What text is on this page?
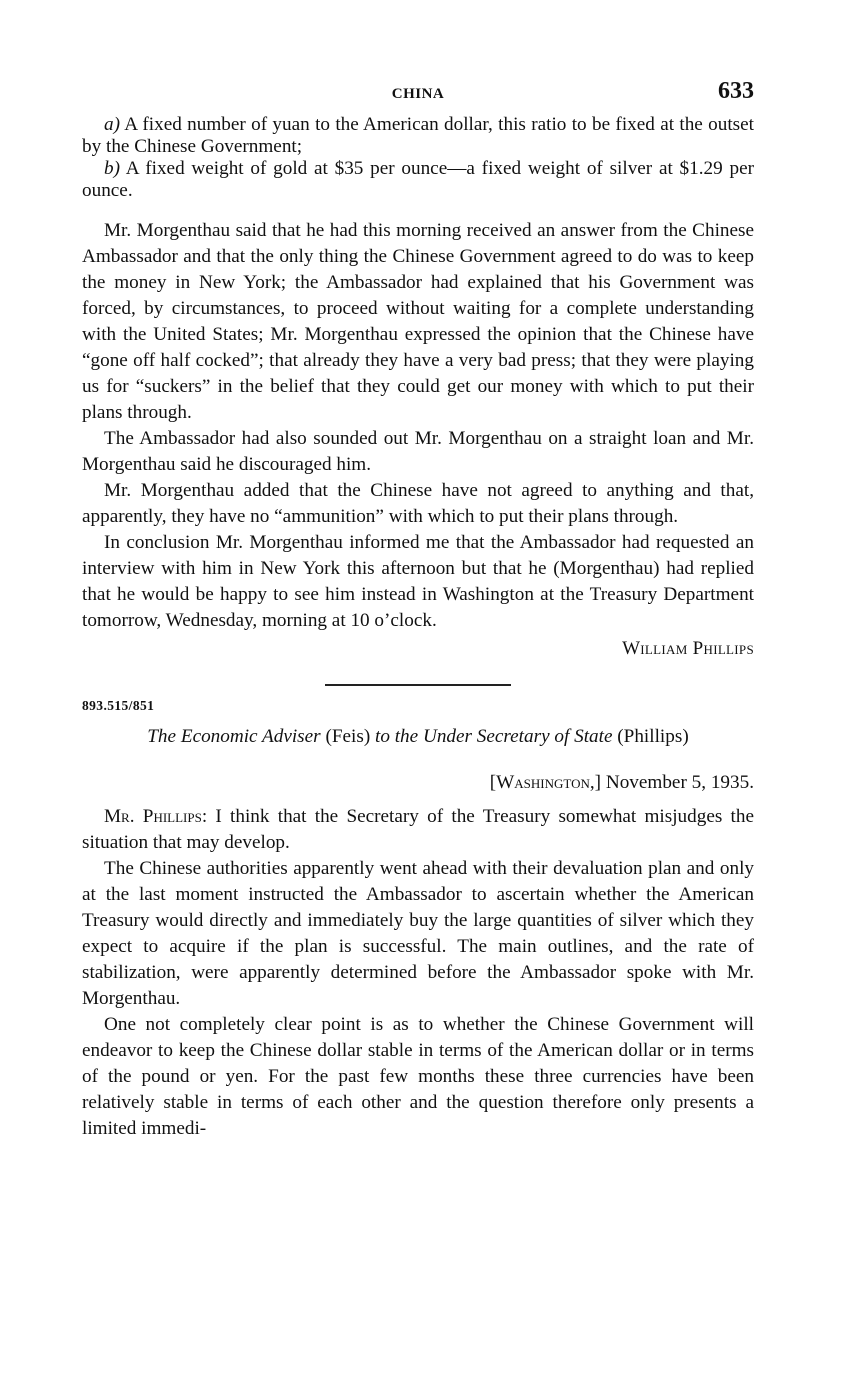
CHINA	633

a) A fixed number of yuan to the American dollar, this ratio to be fixed at the outset by the Chinese Government;

b) A fixed weight of gold at $35 per ounce—a fixed weight of silver at $1.29 per ounce.

Mr. Morgenthau said that he had this morning received an answer from the Chinese Ambassador and that the only thing the Chinese Government agreed to do was to keep the money in New York; the Ambassador had explained that his Government was forced, by circumstances, to proceed without waiting for a complete understanding with the United States; Mr. Morgenthau expressed the opinion that the Chinese have “gone off half cocked”; that already they have a very bad press; that they were playing us for “suckers” in the belief that they could get our money with which to put their plans through.

The Ambassador had also sounded out Mr. Morgenthau on a straight loan and Mr. Morgenthau said he discouraged him.

Mr. Morgenthau added that the Chinese have not agreed to anything and that, apparently, they have no “ammunition” with which to put their plans through.

In conclusion Mr. Morgenthau informed me that the Ambassador had requested an interview with him in New York this afternoon but that he (Morgenthau) had replied that he would be happy to see him instead in Washington at the Treasury Department tomorrow, Wednesday, morning at 10 o’clock.

William Phillips
893.515/851
The Economic Adviser (Feis) to the Under Secretary of State (Phillips)
[Washington,] November 5, 1935.

Mr. Phillips: I think that the Secretary of the Treasury somewhat misjudges the situation that may develop.

The Chinese authorities apparently went ahead with their devaluation plan and only at the last moment instructed the Ambassador to ascertain whether the American Treasury would directly and immediately buy the large quantities of silver which they expect to acquire if the plan is successful. The main outlines, and the rate of stabilization, were apparently determined before the Ambassador spoke with Mr. Morgenthau.

One not completely clear point is as to whether the Chinese Government will endeavor to keep the Chinese dollar stable in terms of the American dollar or in terms of the pound or yen. For the past few months these three currencies have been relatively stable in terms of each other and the question therefore only presents a limited immedi-
